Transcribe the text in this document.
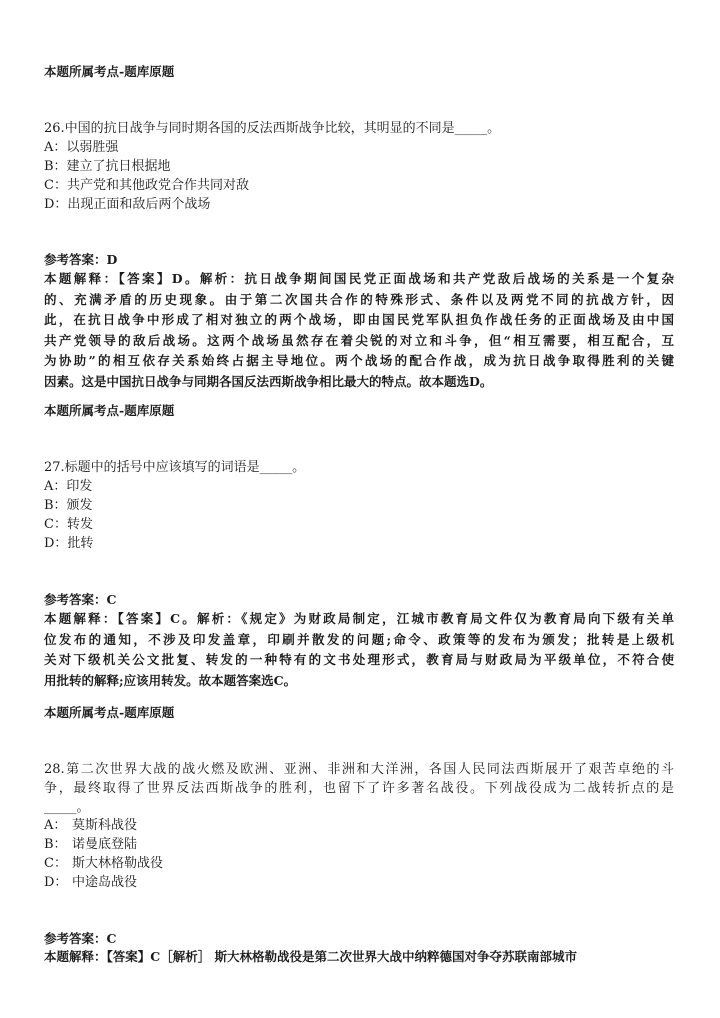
本题所属考点-题库原题
26.中国的抗日战争与同时期各国的反法西斯战争比较，其明显的不同是_____。
A：以弱胜强
B：建立了抗日根据地
C：共产党和其他政党合作共同对敌
D：出现正面和敌后两个战场
参考答案：D
本题解释：【答案】D。解析：抗日战争期间国民党正面战场和共产党敌后战场的关系是一个复杂
的、充满矛盾的历史现象。由于第二次国共合作的特殊形式、条件以及两党不同的抗战方针，因
此，在抗日战争中形成了相对独立的两个战场，即由国民党军队担负作战任务的正面战场及由中国
共产党领导的敌后战场。这两个战场虽然存在着尖锐的对立和斗争，但“相互需要，相互配合，互
为协助”的相互依存关系始终占据主导地位。两个战场的配合作战，成为抗日战争取得胜利的关键
因素。这是中国抗日战争与同期各国反法西斯战争相比最大的特点。故本题选D。
本题所属考点-题库原题
27.标题中的括号中应该填写的词语是_____。
A：印发
B：颁发
C：转发
D：批转
参考答案：C
本题解释：【答案】C。解析：《规定》为财政局制定，江城市教育局文件仅为教育局向下级有关单
位发布的通知，不涉及印发盖章，印刷并散发的问题;命令、政策等的发布为颁发；批转是上级机
关对下级机关公文批复、转发的一种特有的文书处理形式，教育局与财政局为平级单位，不符合使
用批转的解释;应该用转发。故本题答案选C。
本题所属考点-题库原题
28.第二次世界大战的战火燃及欧洲、亚洲、非洲和大洋洲，各国人民同法西斯展开了艰苦卓绝的斗
争，最终取得了世界反法西斯战争的胜利，也留下了许多著名战役。下列战役成为二战转折点的是
_____。
A： 莫斯科战役
B： 诺曼底登陆
C： 斯大林格勒战役
D： 中途岛战役
参考答案：C
本题解释：【答案】C［解析］ 斯大林格勒战役是第二次世界大战中纳粹德国对争夺苏联南部城市
